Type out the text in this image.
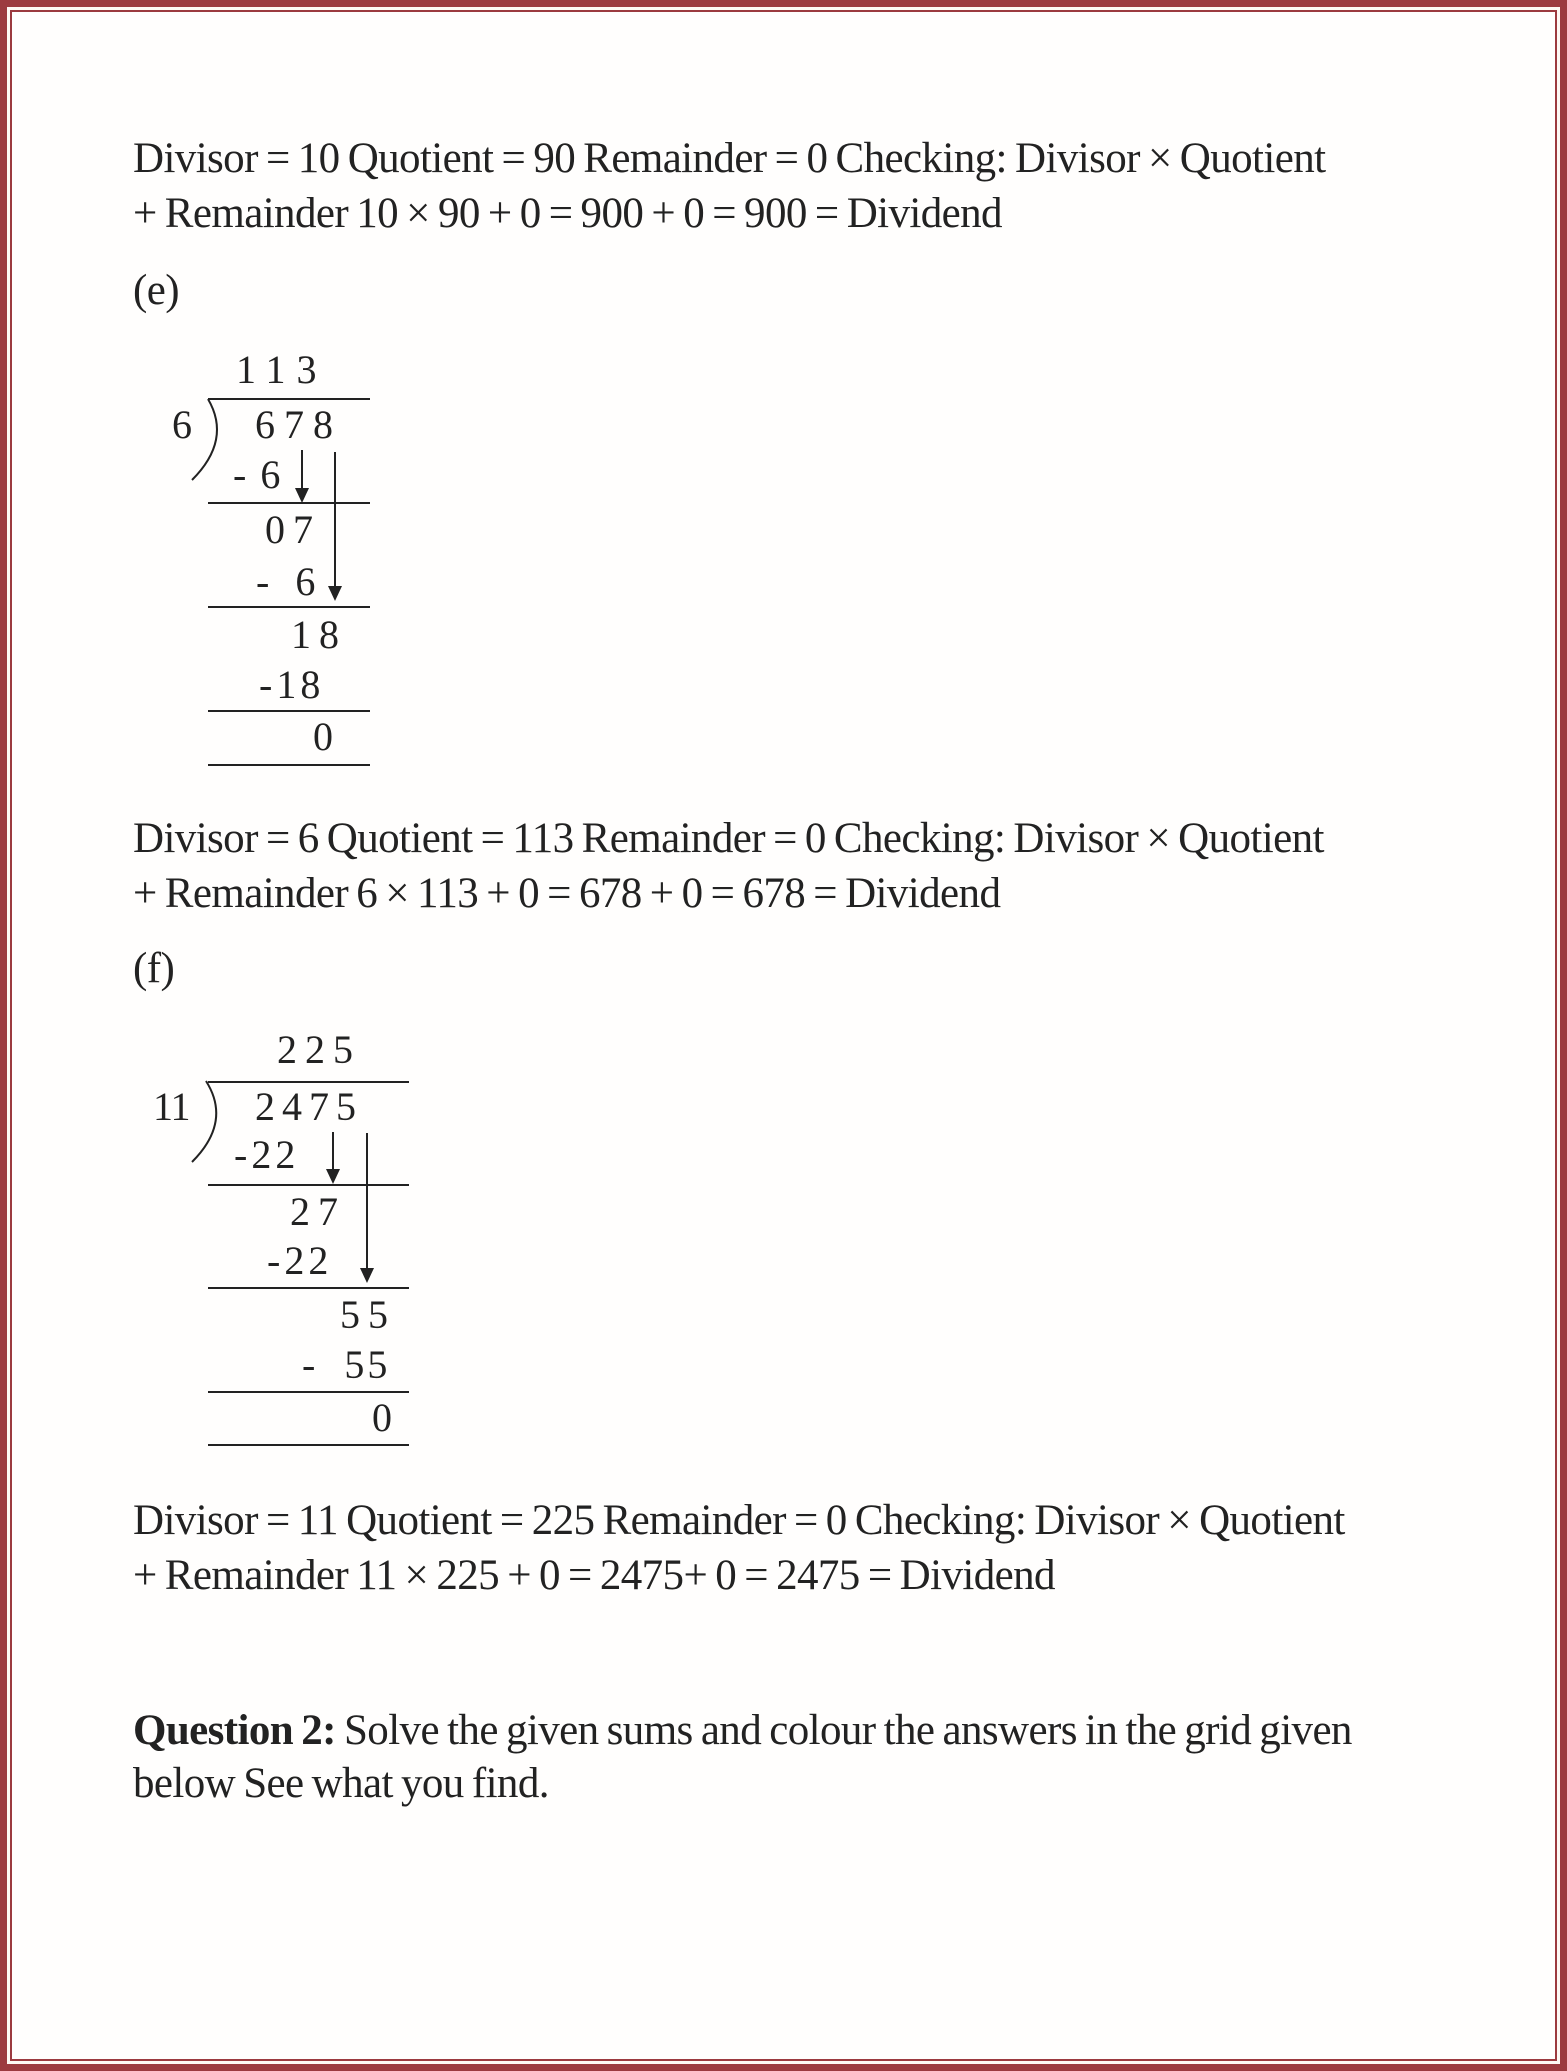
Divisor = 10 Quotient = 90 Remainder = 0 Checking: Divisor × Quotient
+ Remainder 10 × 90 + 0 = 900 + 0 = 900 = Dividend
(e)
113
6 678
- 6
07
-  6
18
-18
0
Divisor = 6 Quotient = 113 Remainder = 0 Checking: Divisor × Quotient
+ Remainder 6 × 113 + 0 = 678 + 0 = 678 = Dividend
(f)
225
11 2475
-22
27
-22
55
-  55
0
Divisor = 11 Quotient = 225 Remainder = 0 Checking: Divisor × Quotient
+ Remainder 11 × 225 + 0 = 2475+ 0 = 2475 = Dividend
Question 2: Solve the given sums and colour the answers in the grid given
below See what you find.
